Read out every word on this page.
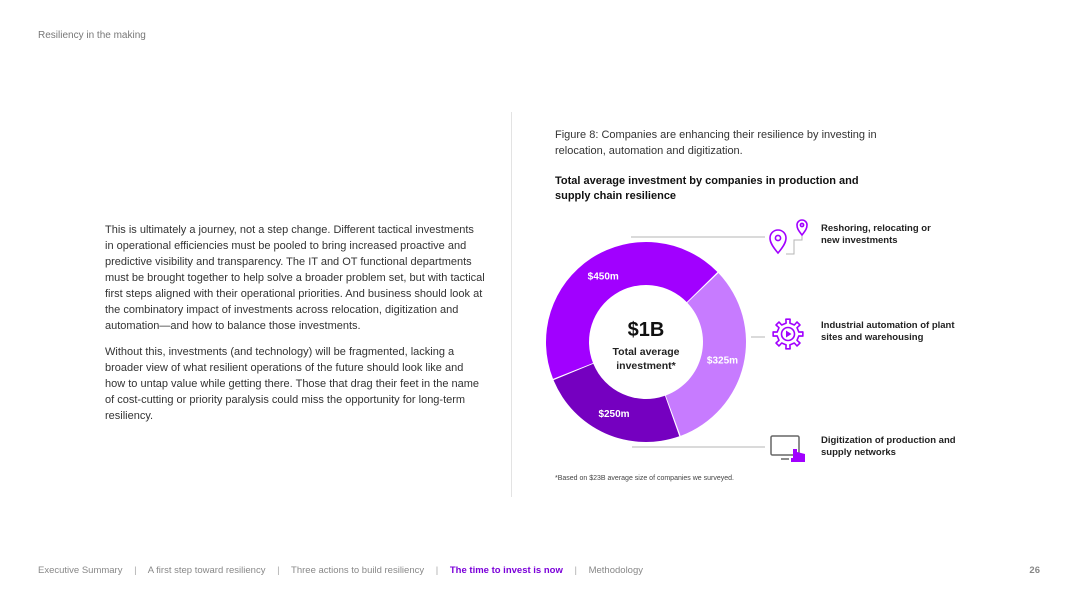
Resiliency in the making

This is ultimately a journey, not a step change. Different tactical investments in operational efficiencies must be pooled to bring increased proactive and predictive visibility and transparency. The IT and OT functional departments must be brought together to help solve a broader problem set, but with tactical first steps aligned with their operational priorities. And business should look at the combinatory impact of investments across relocation, digitization and automation—and how to balance those investments.

Without this, investments (and technology) will be fragmented, lacking a broader view of what resilient operations of the future should look like and how to untap value while getting there. Those that drag their feet in the name of cost-cutting or priority paralysis could miss the opportunity for long-term resiliency.

Figure 8: Companies are enhancing their resilience by investing in relocation, automation and digitization.
Total average investment by companies in production and supply chain resilience
$325m
$250m
$450m
$1B
Total average
investment*
Reshoring, relocating or new investments
Industrial automation of plant sites and warehousing
Digitization of production and supply networks
*Based on $23B average size of companies we surveyed.
Executive Summary | A first step toward resiliency | Three actions to build resiliency | The time to invest is now | Methodology	26
